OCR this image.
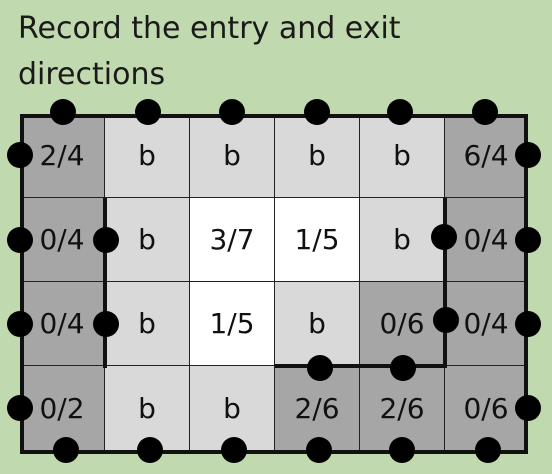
Record the entry and exit directions
2/4	b	b	b	b	6/4
0/4	b	3/7	1/5	b	0/4
0/4	b	1/5	b	0/6	0/4
0/2	b	b	2/6	2/6	0/6
